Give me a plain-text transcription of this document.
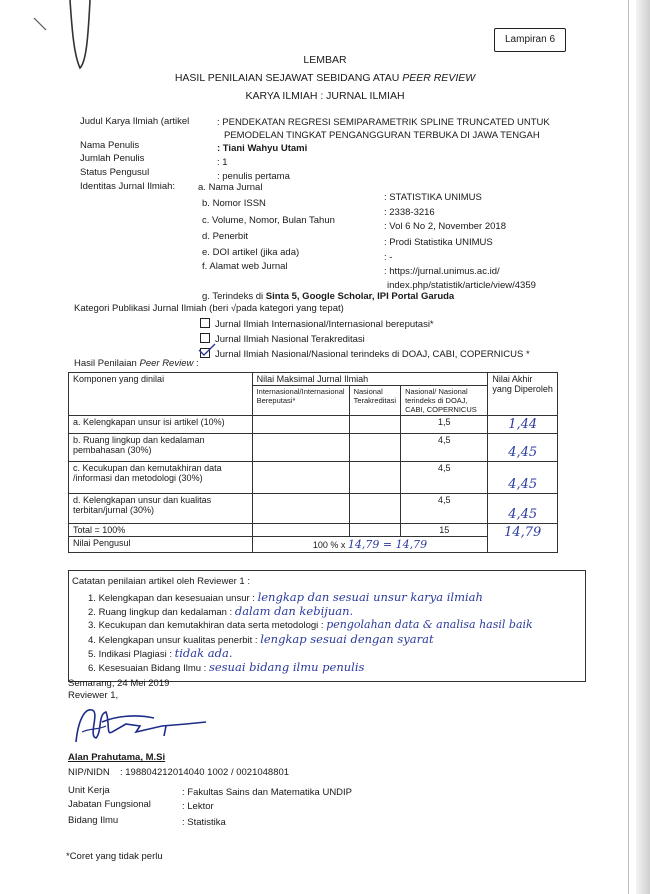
Lampiran 6
LEMBAR
HASIL PENILAIAN SEJAWAT SEBIDANG ATAU PEER REVIEW
KARYA ILMIAH : JURNAL ILMIAH
Judul Karya Ilmiah (artikel	: PENDEKATAN REGRESI SEMIPARAMETRIK SPLINE TRUNCATED UNTUK
PEMODELAN TINGKAT PENGANGGURAN TERBUKA DI JAWA TENGAH
Nama Penulis	: Tiani Wahyu Utami
Jumlah Penulis	: 1
Status Pengusul	: penulis pertama
Identitas Jurnal Ilmiah: a. Nama Jurnal
: STATISTIKA UNIMUS
b. Nomor ISSN
: 2338-3216
c. Volume, Nomor, Bulan Tahun
: Vol 6 No 2, November 2018
d. Penerbit
: Prodi Statistika UNIMUS
e. DOI artikel (jika ada)	: -
f. Alamat web Jurnal	: https://jurnal.unimus.ac.id/
index.php/statistik/article/view/4359
g. Terindeks di Sinta 5, Google Scholar, IPI Portal Garuda
Kategori Publikasi Jurnal Ilmiah (beri √pada kategori yang tepat)
Jurnal Ilmiah Internasional/Internasional bereputasi*
Jurnal Ilmiah Nasional Terakreditasi
Jurnal Ilmiah Nasional/Nasional terindeks di DOAJ, CABI, COPERNICUS *
Hasil Penilaian Peer Review :
Komponen yang dinilai	Nilai Maksimal Jurnal Ilmiah			Nilai Akhir yang Diperoleh
	Internasional/Internasional Bereputasi*	Nasional Terakreditasi	Nasional/ Nasional terindeks di DOAJ, CABI, COPERNICUS	
a. Kelengkapan unsur isi artikel (10%)			1,5	1,44
b. Ruang lingkup dan kedalaman pembahasan (30%)			4,5	4,45
c. Kecukupan dan kemutakhiran data /informasi dan metodologi (30%)			4,5	4,45
d. Kelengkapan unsur dan kualitas terbitan/jurnal (30%)			4,5	4,45
Total = 100%			15	14,79
Nilai Pengusul	100 % x 14,79 = 14,79			
Catatan penilaian artikel oleh Reviewer 1 :
1. Kelengkapan dan kesesuaian unsur : lengkap dan sesuai unsur karya ilmiah
2. Ruang lingkup dan kedalaman : dalam dan kebijuan.
3. Kecukupan dan kemutakhiran data serta metodologi : pengolahan data & analisa hasil baik
4. Kelengkapan unsur kualitas penerbit : lengkap sesuai dengan syarat
5. Indikasi Plagiasi : tidak ada.
6. Kesesuaian Bidang Ilmu : sesuai bidang ilmu penulis
Semarang, 24 Mei 2019
Reviewer 1,
Alan Prahutama, M.Si
NIP/NIDN : 198804212014040 1002 / 0021048801
Unit Kerja	: Fakultas Sains dan Matematika UNDIP
Jabatan Fungsional	: Lektor
Bidang Ilmu	: Statistika
*Coret yang tidak perlu
